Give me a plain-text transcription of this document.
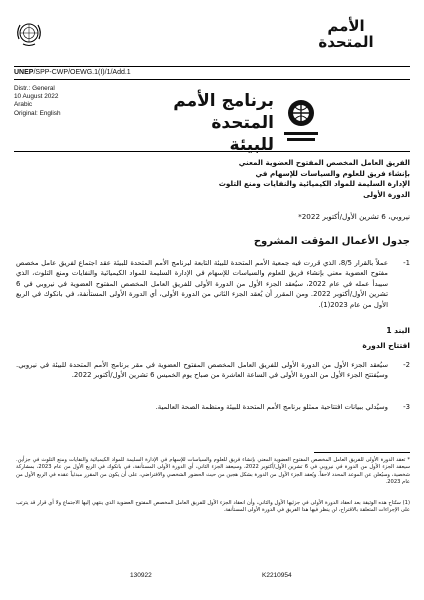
الأمم
المتحدة
UNEP/SPP-CWP/OEWG.1(I)/1/Add.1
Distr.: General
10 August 2022
Arabic
Original: English
برنامج الأمم
المتحدة للبيئة
الفريق العامل المخصص المفتوح العضوية المعني
بإنشاء فريق للعلوم والسياسات للإسهام في
الإدارة السليمة للمواد الكيميائية والنفايات ومنع التلوث
الدورة الأولى
نيروبي، 6 تشرين الأول/أكتوبر 2022*
جدول الأعمال المؤقت المشروح
1-
عملاً بالقرار 8/5، الذي قررت فيه جمعية الأمم المتحدة للبيئة التابعة لبرنامج الأمم المتحدة للبيئة عقد اجتماع لفريق عامل مخصص مفتوح العضوية معني بإنشاء فريق للعلوم والسياسات للإسهام في الإدارة السليمة للمواد الكيميائية والنفايات ومنع التلوث، الذي سيبدأ عمله في عام 2022، سيُعقد الجزء الأول من الدورة الأولى للفريق العامل المخصص المفتوح العضوية في نيروبي في 6 تشرين الأول/أكتوبر 2022. ومن المقرر أن يُعقد الجزء الثاني من الدورة الأولى، أي الدورة الأولى المستأنفة، في بانكوك في الربع الأول من عام 2023(1).
البند 1
افتتاح الدورة
2-
سيُعقد الجزء الأول من الدورة الأولى للفريق العامل المخصص المفتوح العضوية في مقر برنامج الأمم المتحدة للبيئة في نيروبي. وسيُفتتح الجزء الأول من الدورة الأولى في الساعة العاشرة من صباح يوم الخميس 6 تشرين الأول/أكتوبر 2022.
3-
وسيُدلي ببيانات افتتاحية ممثلو برنامج الأمم المتحدة للبيئة ومنظمة الصحة العالمية.
* تعقد الدورة الأولى للفريق العامل المخصص المفتوح العضوية المعني بإنشاء فريق للعلوم والسياسات للإسهام في الإدارة السليمة للمواد الكيميائية والنفايات ومنع التلوث في جزأين. سيعقد الجزء الأول من الدورة في نيروبي في 6 تشرين الأول/أكتوبر 2022، وسيعقد الجزء الثاني، أي الدورة الأولى المستأنفة، في بانكوك في الربع الأول من عام 2023، بمشاركة شخصية، وسيُعلن عن الموعد المحدد لاحقاً. ويُعقد الجزء الأول من الدورة بشكل هجين من حيث الحضور الشخصي والافتراضي، على أن يكون من المقرر مبدئياً عقده في الربع الأول من عام 2023.
(1) ستُتاح هذه الوثيقة بعد انعقاد الدورة الأولى في جزئيها الأول والثاني، وأن انعقاد الجزء الأول للفريق العامل المخصص المفتوح العضوية الذي ينتهي إليها الاجتماع ولا أي قرار قد يترتب على الإجراءات المتعلقة بالاقتراح، لن ينظر فيها هذا الفريق في الدورة الأولى المستأنفة.
130922	K2210954
